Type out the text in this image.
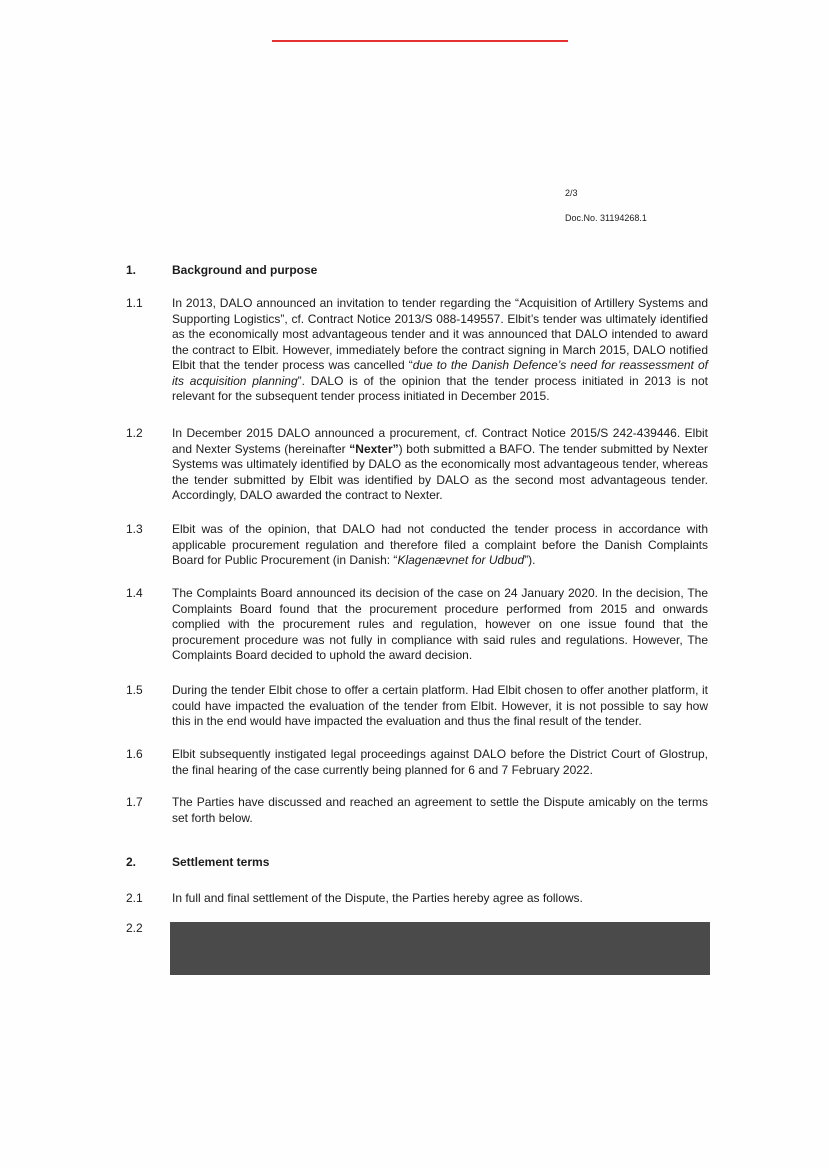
2/3
Doc.No. 31194268.1
1.	Background and purpose
1.1	In 2013, DALO announced an invitation to tender regarding the “Acquisition of Artillery Systems and Supporting Logistics”, cf. Contract Notice 2013/S 088-149557. Elbit’s tender was ultimately identified as the economically most advantageous tender and it was announced that DALO intended to award the contract to Elbit. However, immediately before the contract signing in March 2015, DALO notified Elbit that the tender process was cancelled “due to the Danish Defence’s need for reassessment of its acquisition planning”. DALO is of the opinion that the tender process initiated in 2013 is not relevant for the subsequent tender process initiated in December 2015.
1.2	In December 2015 DALO announced a procurement, cf. Contract Notice 2015/S 242-439446. Elbit and Nexter Systems (hereinafter “Nexter”) both submitted a BAFO. The tender submitted by Nexter Systems was ultimately identified by DALO as the economically most advantageous tender, whereas the tender submitted by Elbit was identified by DALO as the second most advantageous tender. Accordingly, DALO awarded the contract to Nexter.
1.3	Elbit was of the opinion, that DALO had not conducted the tender process in accordance with applicable procurement regulation and therefore filed a complaint before the Danish Complaints Board for Public Procurement (in Danish: “Klagenævnet for Udbud”).
1.4	The Complaints Board announced its decision of the case on 24 January 2020. In the decision, The Complaints Board found that the procurement procedure performed from 2015 and onwards complied with the procurement rules and regulation, however on one issue found that the procurement procedure was not fully in compliance with said rules and regulations. However, The Complaints Board decided to uphold the award decision.
1.5	During the tender Elbit chose to offer a certain platform. Had Elbit chosen to offer another platform, it could have impacted the evaluation of the tender from Elbit. However, it is not possible to say how this in the end would have impacted the evaluation and thus the final result of the tender.
1.6	Elbit subsequently instigated legal proceedings against DALO before the District Court of Glostrup, the final hearing of the case currently being planned for 6 and 7 February 2022.
1.7	The Parties have discussed and reached an agreement to settle the Dispute amicably on the terms set forth below.
2.	Settlement terms
2.1	In full and final settlement of the Dispute, the Parties hereby agree as follows.
2.2
